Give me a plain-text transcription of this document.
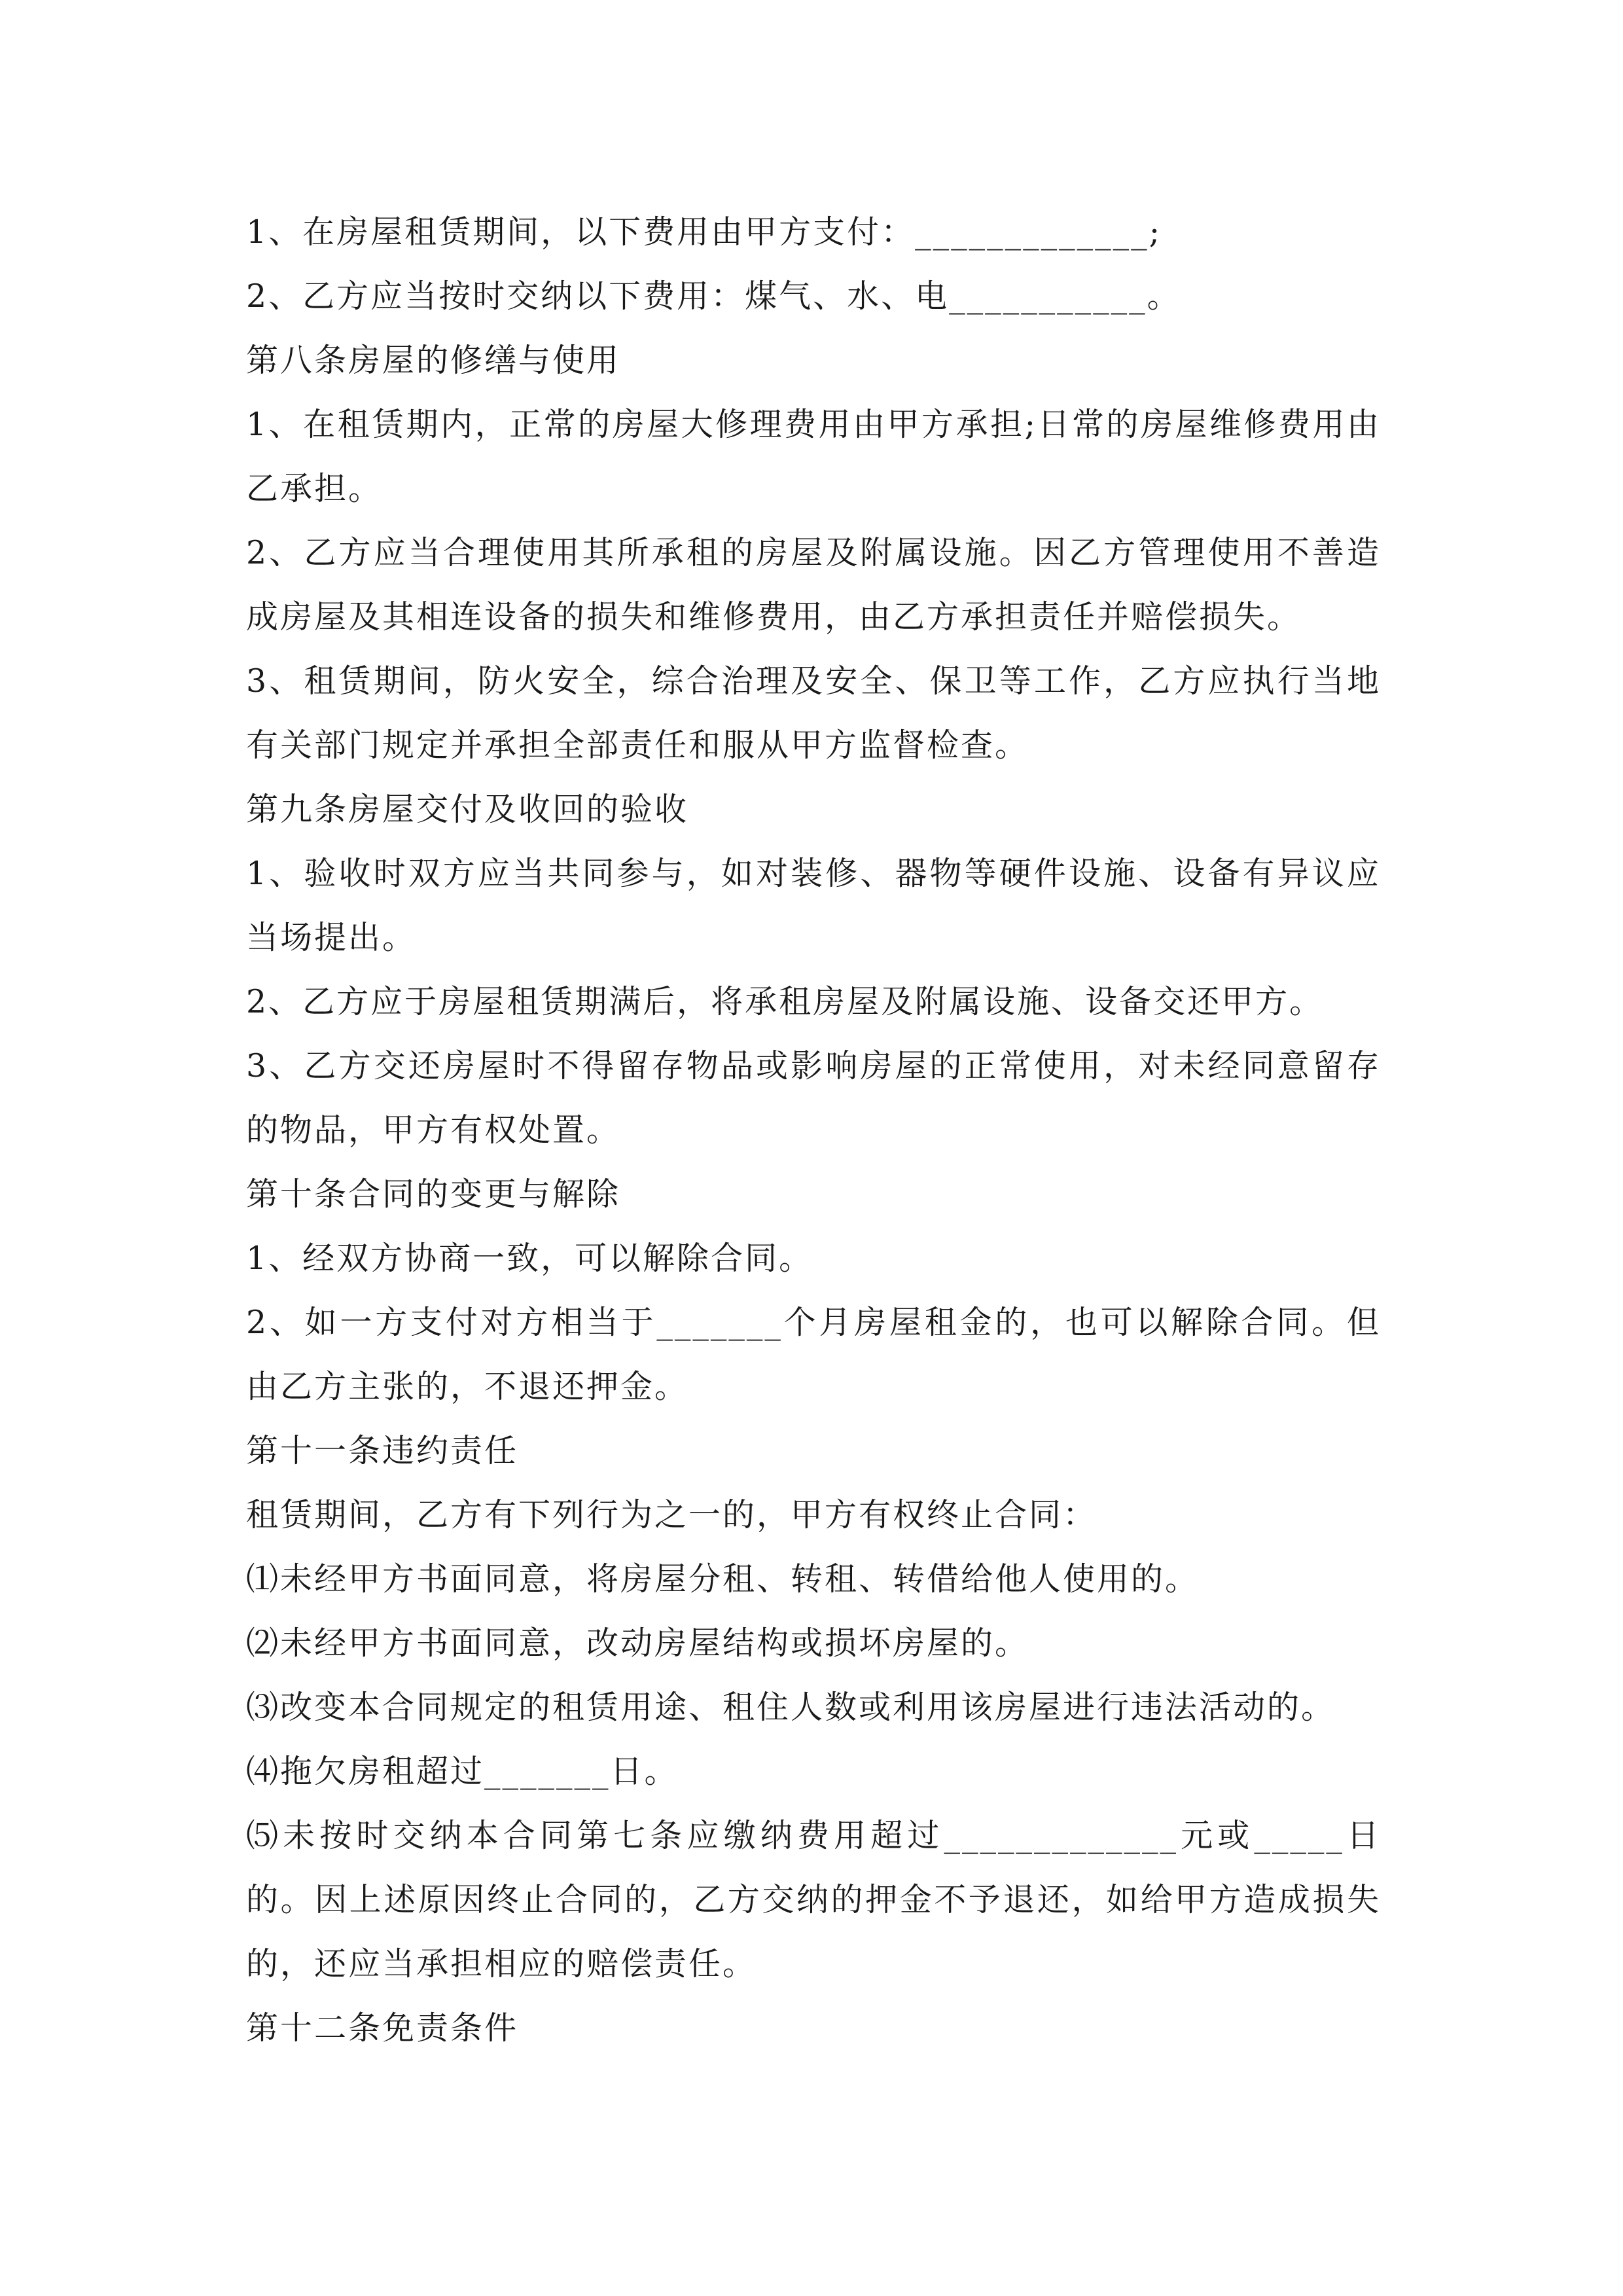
1、在房屋租赁期间，以下费用由甲方支付：_____________;
2、乙方应当按时交纳以下费用：煤气、水、电___________。
第八条房屋的修缮与使用

1、在租赁期内，正常的房屋大修理费用由甲方承担;日常的房屋维修费用由乙承担。

2、乙方应当合理使用其所承租的房屋及附属设施。因乙方管理使用不善造成房屋及其相连设备的损失和维修费用，由乙方承担责任并赔偿损失。

3、租赁期间，防火安全，综合治理及安全、保卫等工作，乙方应执行当地有关部门规定并承担全部责任和服从甲方监督检查。

第九条房屋交付及收回的验收

1、验收时双方应当共同参与，如对装修、器物等硬件设施、设备有异议应当场提出。

2、乙方应于房屋租赁期满后，将承租房屋及附属设施、设备交还甲方。

3、乙方交还房屋时不得留存物品或影响房屋的正常使用，对未经同意留存的物品，甲方有权处置。

第十条合同的变更与解除
1、经双方协商一致，可以解除合同。

2、如一方支付对方相当于_______个月房屋租金的，也可以解除合同。但由乙方主张的，不退还押金。

第十一条违约责任
租赁期间，乙方有下列行为之一的，甲方有权终止合同：
⑴未经甲方书面同意，将房屋分租、转租、转借给他人使用的。
⑵未经甲方书面同意，改动房屋结构或损坏房屋的。
⑶改变本合同规定的租赁用途、租住人数或利用该房屋进行违法活动的。
⑷拖欠房租超过_______日。

⑸未按时交纳本合同第七条应缴纳费用超过_____________元或_____日的。因上述原因终止合同的，乙方交纳的押金不予退还，如给甲方造成损失的，还应当承担相应的赔偿责任。

第十二条免责条件
